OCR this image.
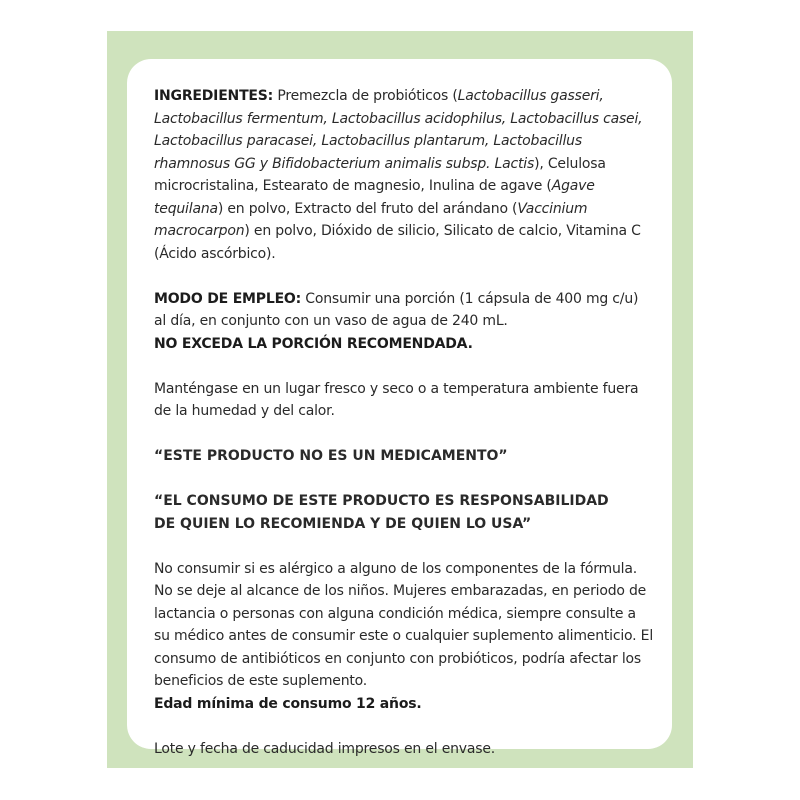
INGREDIENTES: Premezcla de probióticos (Lactobacillus gasseri, Lactobacillus fermentum, Lactobacillus acidophilus, Lactobacillus casei, Lactobacillus paracasei, Lactobacillus plantarum, Lactobacillus rhamnosus GG y Bifidobacterium animalis subsp. Lactis), Celulosa microcristalina, Estearato de magnesio, Inulina de agave (Agave tequilana) en polvo, Extracto del fruto del arándano (Vaccinium macrocarpon) en polvo, Dióxido de silicio, Silicato de calcio, Vitamina C (Ácido ascórbico).

MODO DE EMPLEO: Consumir una porción (1 cápsula de 400 mg c/u) al día, en conjunto con un vaso de agua de 240 mL.
NO EXCEDA LA PORCIÓN RECOMENDADA.

Manténgase en un lugar fresco y seco o a temperatura ambiente fuera de la humedad y del calor.

“ESTE PRODUCTO NO ES UN MEDICAMENTO”

“EL CONSUMO DE ESTE PRODUCTO ES RESPONSABILIDAD
DE QUIEN LO RECOMIENDA Y DE QUIEN LO USA”

No consumir si es alérgico a alguno de los componentes de la fórmula. No se deje al alcance de los niños. Mujeres embarazadas, en periodo de lactancia o personas con alguna condición médica, siempre consulte a su médico antes de consumir este o cualquier suplemento alimenticio. El consumo de antibióticos en conjunto con probióticos, podría afectar los beneficios de este suplemento.
Edad mínima de consumo 12 años.

Lote y fecha de caducidad impresos en el envase.
